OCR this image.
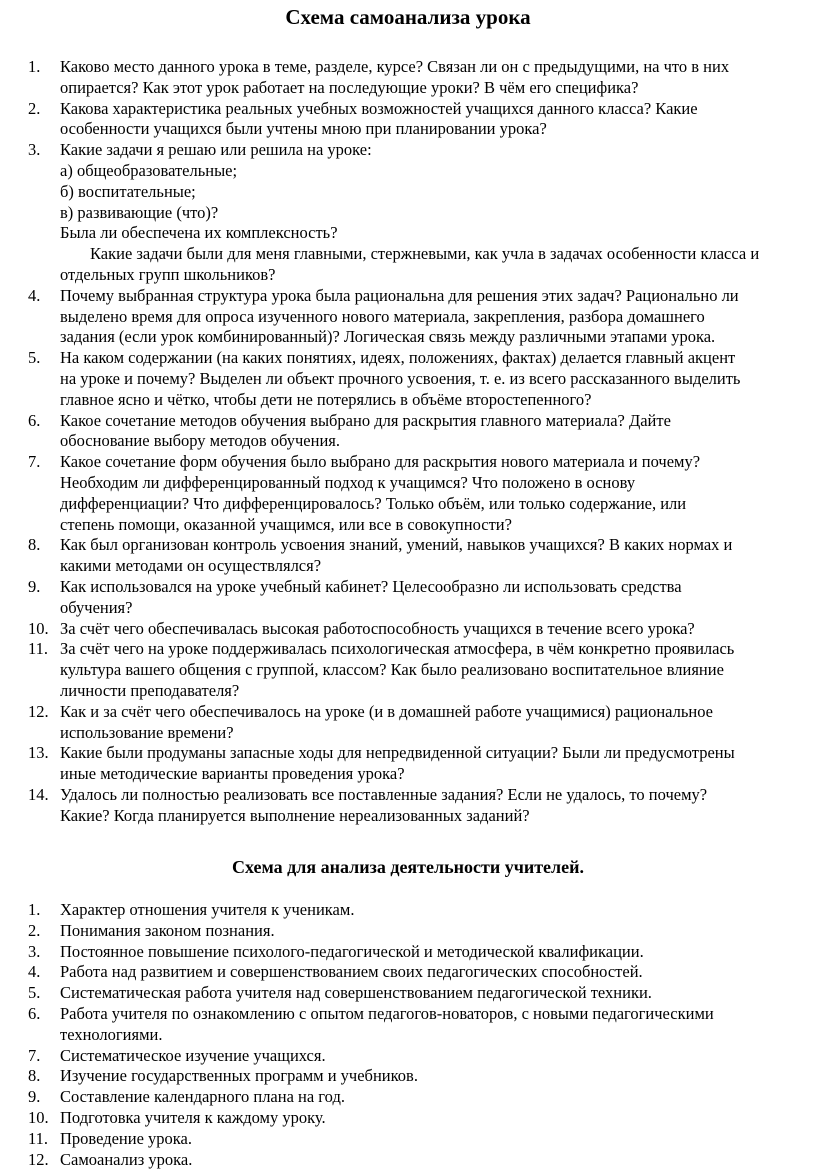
Схема самоанализа урока
1. Каково место данного урока в теме, разделе, курсе? Связан ли он с предыдущими, на что в них
опирается? Как этот урок работает на последующие уроки? В чём его специфика?
2. Какова характеристика реальных учебных возможностей учащихся данного класса? Какие
особенности учащихся были учтены мною при планировании урока?
3. Какие задачи я решаю или решила на уроке:
а) общеобразовательные;
б) воспитательные;
в) развивающие (что)?
Была ли обеспечена их комплексность?
Какие задачи были для меня главными, стержневыми, как учла в задачах особенности класса и
отдельных групп школьников?
4. Почему выбранная структура урока была рациональна для решения этих задач? Рационально ли
выделено время для опроса изученного нового материала, закрепления, разбора домашнего
задания (если урок комбинированный)? Логическая связь между различными этапами урока.
5. На каком содержании (на каких понятиях, идеях, положениях, фактах) делается главный акцент
на уроке и почему? Выделен ли объект прочного усвоения, т. е. из всего рассказанного выделить
главное ясно и чётко, чтобы дети не потерялись в объёме второстепенного?
6. Какое сочетание методов обучения выбрано для раскрытия главного материала? Дайте
обоснование выбору методов обучения.
7. Какое сочетание форм обучения было выбрано для раскрытия нового материала и почему?
Необходим ли дифференцированный подход к учащимся? Что положено в основу
дифференциации? Что дифференцировалось? Только объём, или только содержание, или
степень помощи, оказанной учащимся, или все в совокупности?
8. Как был организован контроль усвоения знаний, умений, навыков учащихся? В каких нормах и
какими методами он осуществлялся?
9. Как использовался на уроке учебный кабинет? Целесообразно ли использовать средства
обучения?
10. За счёт чего обеспечивалась высокая работоспособность учащихся в течение всего урока?
11. За счёт чего на уроке поддерживалась психологическая атмосфера, в чём конкретно проявилась
культура вашего общения с группой, классом? Как было реализовано воспитательное влияние
личности преподавателя?
12. Как и за счёт чего обеспечивалось на уроке (и в домашней работе учащимися) рациональное
использование времени?
13. Какие были продуманы запасные ходы для непредвиденной ситуации? Были ли предусмотрены
иные методические варианты проведения урока?
14. Удалось ли полностью реализовать все поставленные задания? Если не удалось, то почему?
Какие? Когда планируется выполнение нереализованных заданий?
Схема для анализа деятельности учителей.
1. Характер отношения учителя к ученикам.
2. Понимания законом познания.
3. Постоянное повышение психолого-педагогической и методической квалификации.
4. Работа над развитием и совершенствованием своих педагогических способностей.
5. Систематическая работа учителя над совершенствованием педагогической техники.
6. Работа учителя по ознакомлению с опытом педагогов-новаторов, с новыми педагогическими
технологиями.
7. Систематическое изучение учащихся.
8. Изучение государственных программ и учебников.
9. Составление календарного плана на год.
10. Подготовка учителя к каждому уроку.
11. Проведение урока.
12. Самоанализ урока.
